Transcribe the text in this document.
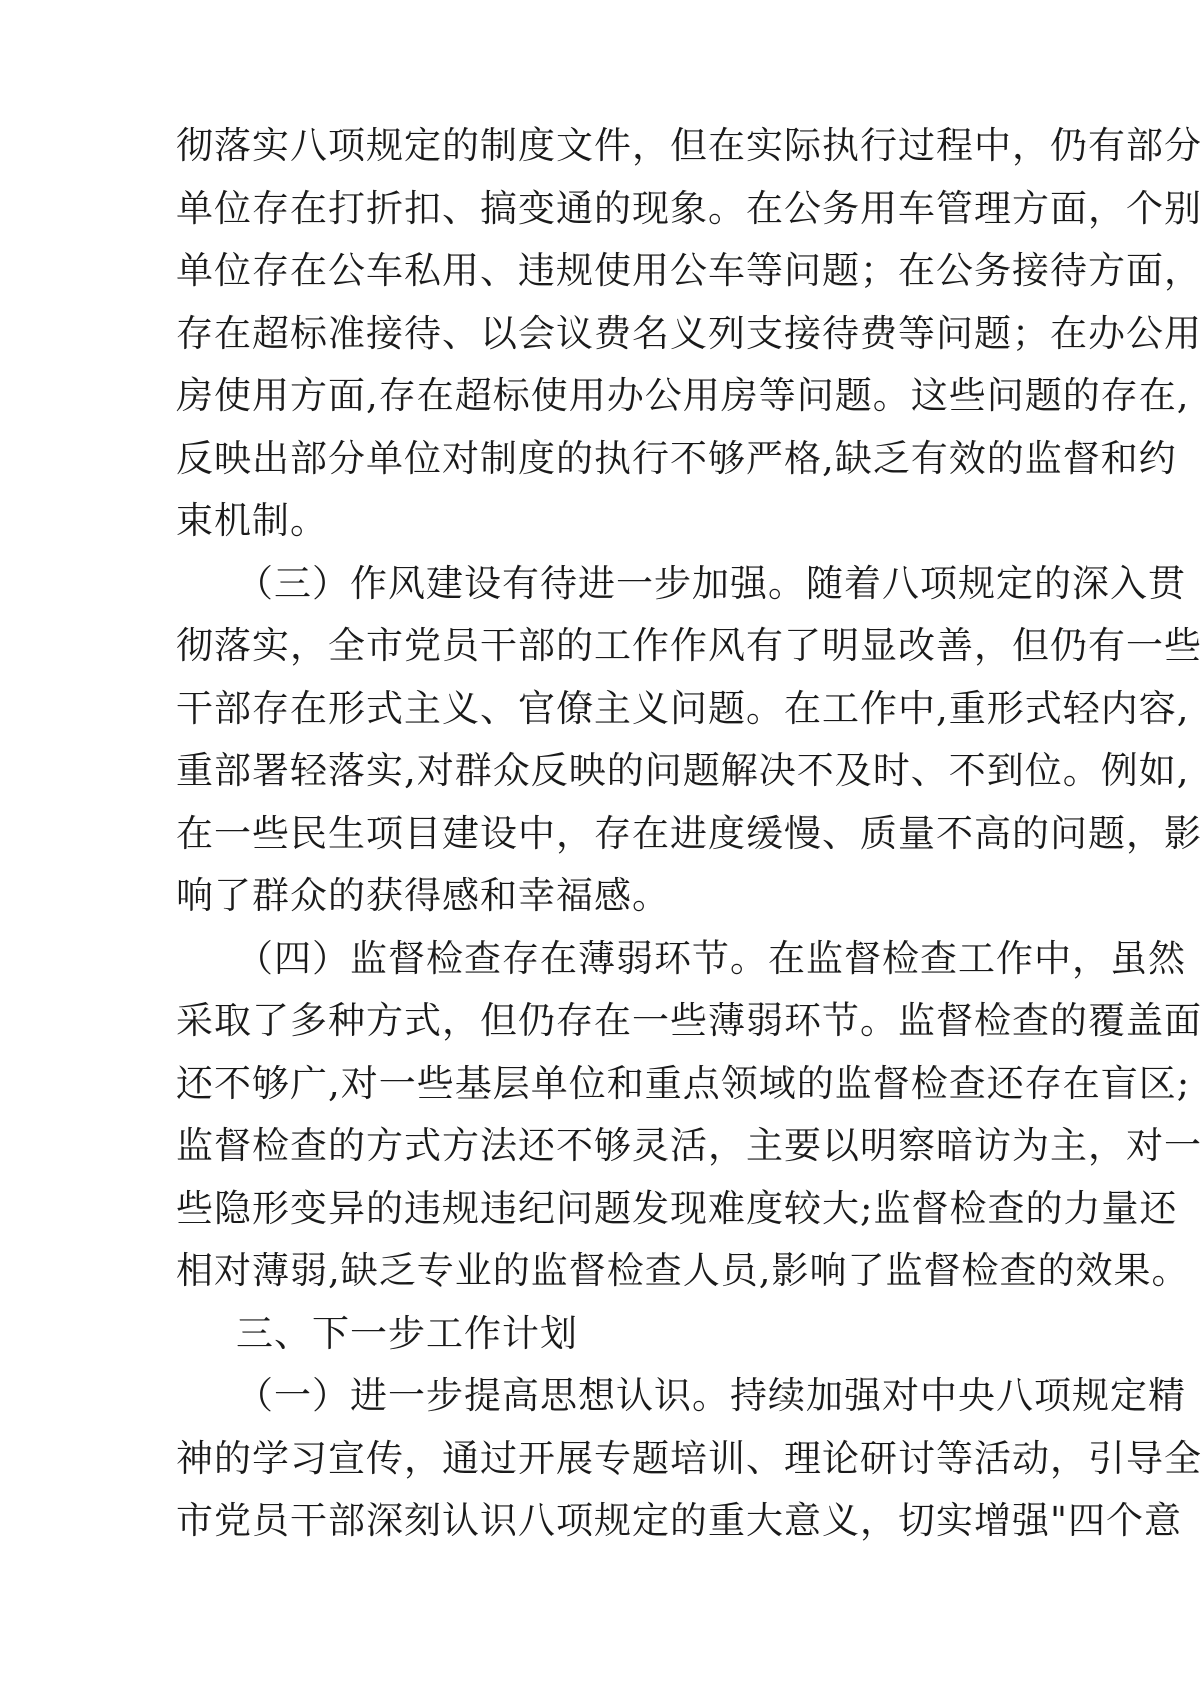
彻落实八项规定的制度文件，但在实际执行过程中，仍有部分
单位存在打折扣、搞变通的现象。在公务用车管理方面，个别
单位存在公车私用、违规使用公车等问题；在公务接待方面，
存在超标准接待、以会议费名义列支接待费等问题；在办公用
房使用方面,存在超标使用办公用房等问题。这些问题的存在,
反映出部分单位对制度的执行不够严格,缺乏有效的监督和约
束机制。
（三）作风建设有待进一步加强。随着八项规定的深入贯
彻落实，全市党员干部的工作作风有了明显改善，但仍有一些
干部存在形式主义、官僚主义问题。在工作中,重形式轻内容,
重部署轻落实,对群众反映的问题解决不及时、不到位。例如,
在一些民生项目建设中，存在进度缓慢、质量不高的问题，影
响了群众的获得感和幸福感。
（四）监督检查存在薄弱环节。在监督检查工作中，虽然
采取了多种方式，但仍存在一些薄弱环节。监督检查的覆盖面
还不够广,对一些基层单位和重点领域的监督检查还存在盲区;
监督检查的方式方法还不够灵活，主要以明察暗访为主，对一
些隐形变异的违规违纪问题发现难度较大;监督检查的力量还
相对薄弱,缺乏专业的监督检查人员,影响了监督检查的效果。
三、下一步工作计划
（一）进一步提高思想认识。持续加强对中央八项规定精
神的学习宣传，通过开展专题培训、理论研讨等活动，引导全
市党员干部深刻认识八项规定的重大意义，切实增强"四个意
